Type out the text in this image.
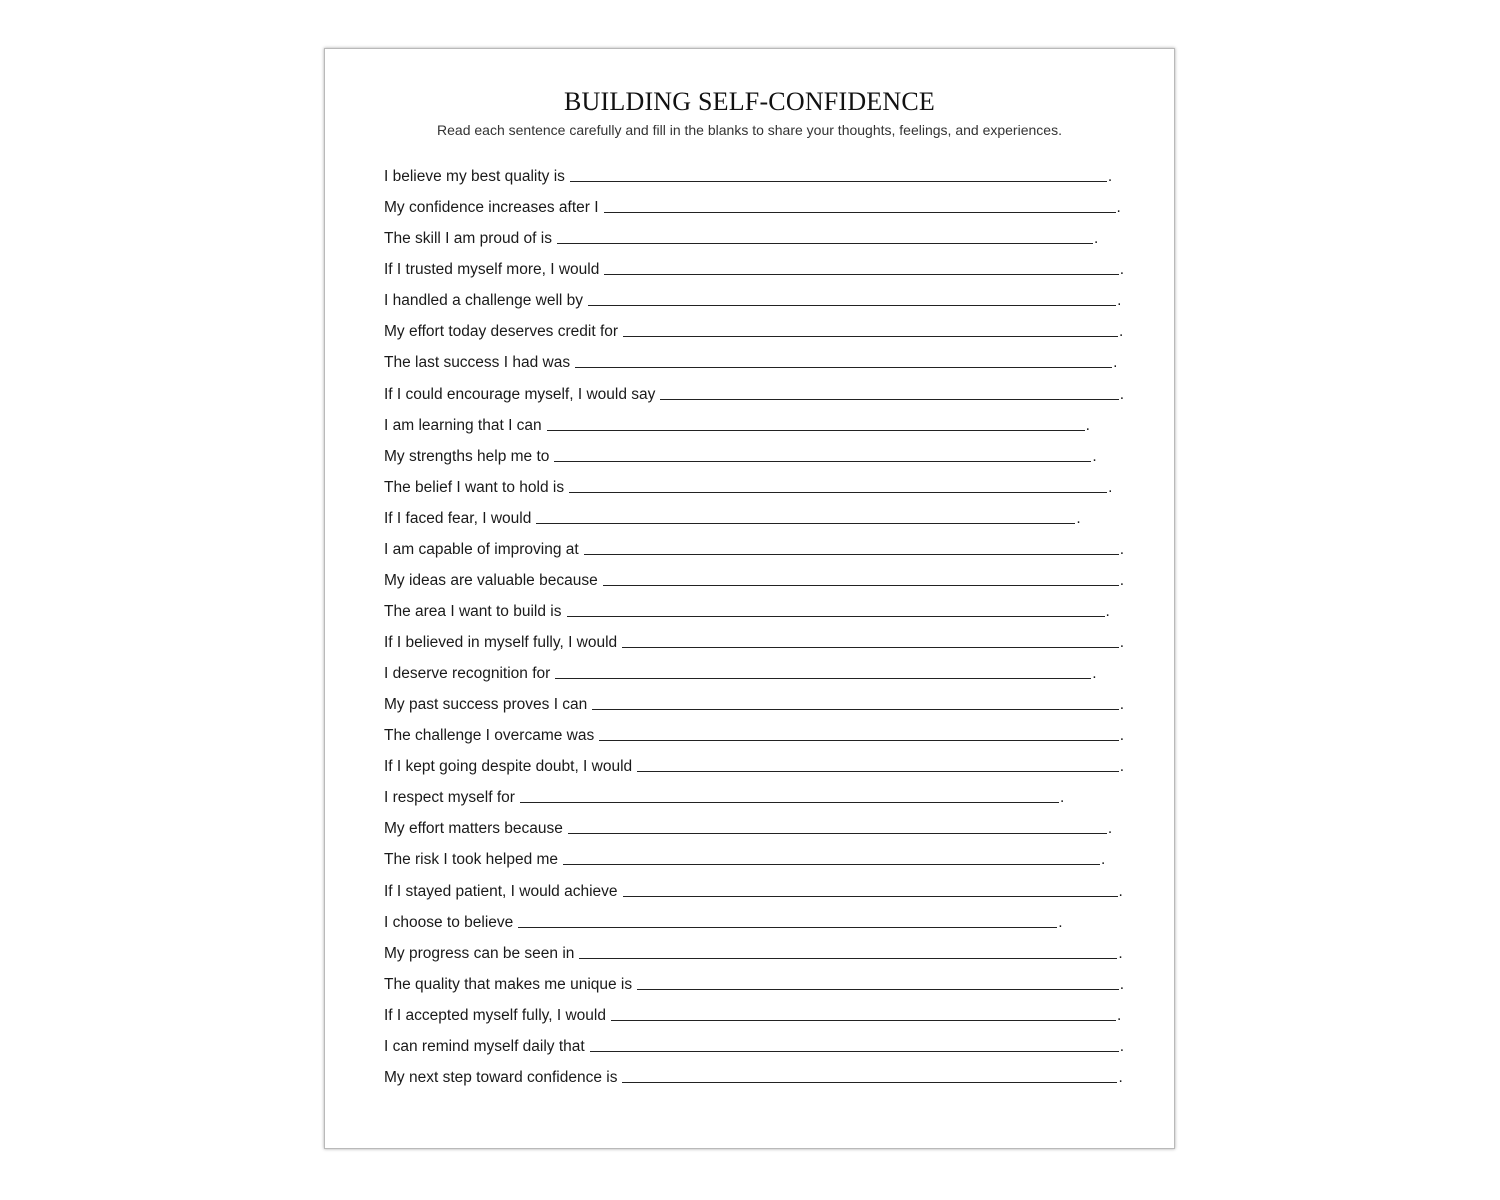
BUILDING SELF-CONFIDENCE
Read each sentence carefully and fill in the blanks to share your thoughts, feelings, and experiences.
I believe my best quality is	.
My confidence increases after I	.
The skill I am proud of is	.
If I trusted myself more, I would	.
I handled a challenge well by	.
My effort today deserves credit for	.
The last success I had was	.
If I could encourage myself, I would say	.
I am learning that I can	.
My strengths help me to	.
The belief I want to hold is	.
If I faced fear, I would	.
I am capable of improving at	.
My ideas are valuable because	.
The area I want to build is	.
If I believed in myself fully, I would	.
I deserve recognition for	.
My past success proves I can	.
The challenge I overcame was	.
If I kept going despite doubt, I would	.
I respect myself for	.
My effort matters because	.
The risk I took helped me	.
If I stayed patient, I would achieve	.
I choose to believe	.
My progress can be seen in	.
The quality that makes me unique is	.
If I accepted myself fully, I would	.
I can remind myself daily that	.
My next step toward confidence is	.
